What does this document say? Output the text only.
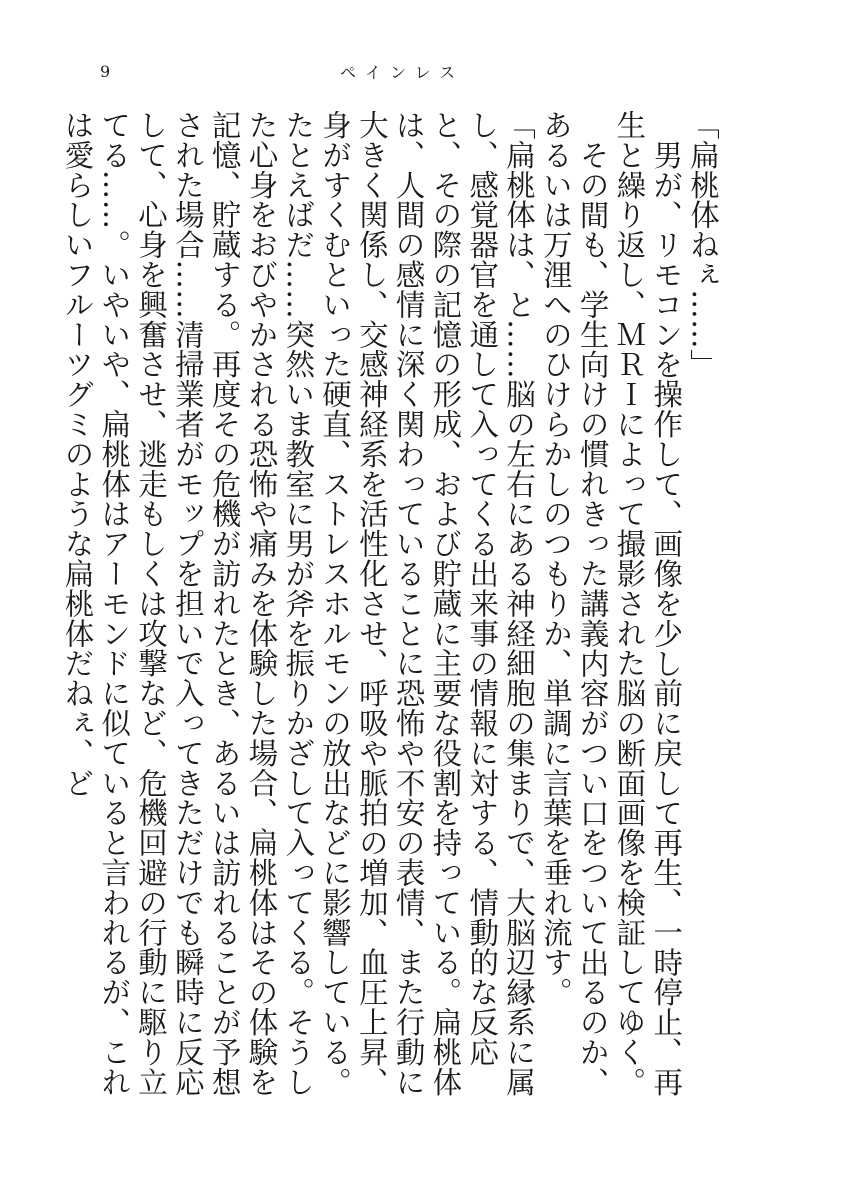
9	ペインレス

「扁桃体ねぇ……」

男が、リモコンを操作して、画像を少し前に戻して再生、一時停止、再生と繰り返し、ＭＲＩによって撮影された脳の断面画像を検証してゆく。

その間も、学生向けの慣れきった講義内容がつい口をついて出るのか、あるいは万浬へのひけらかしのつもりか、単調に言葉を垂れ流す。

「扁桃体は、と……脳の左右にある神経細胞の集まりで、大脳辺縁系に属し、感覚器官を通して入ってくる出来事の情報に対する、情動的な反応と、その際の記憶の形成、および貯蔵に主要な役割を持っている。扁桃体は、人間の感情に深く関わっていることに恐怖や不安の表情、また行動に大きく関係し、交感神経系を活性化させ、呼吸や脈拍の増加、血圧上昇、身がすくむといった硬直、ストレスホルモンの放出などに影響している。たとえばだ……突然いま教室に男が斧を振りかざして入ってくる。そうした心身をおびやかされる恐怖や痛みを体験した場合、扁桃体はその体験を記憶、貯蔵する。再度その危機が訪れたとき、あるいは訪れることが予想された場合……清掃業者がモップを担いで入ってきただけでも瞬時に反応して、心身を興奮させ、逃走もしくは攻撃など、危機回避の行動に駆り立てる……。いやいや、扁桃体はアーモンドに似ていると言われるが、これは愛らしいフルーツグミのような扁桃体だねぇ、ど
